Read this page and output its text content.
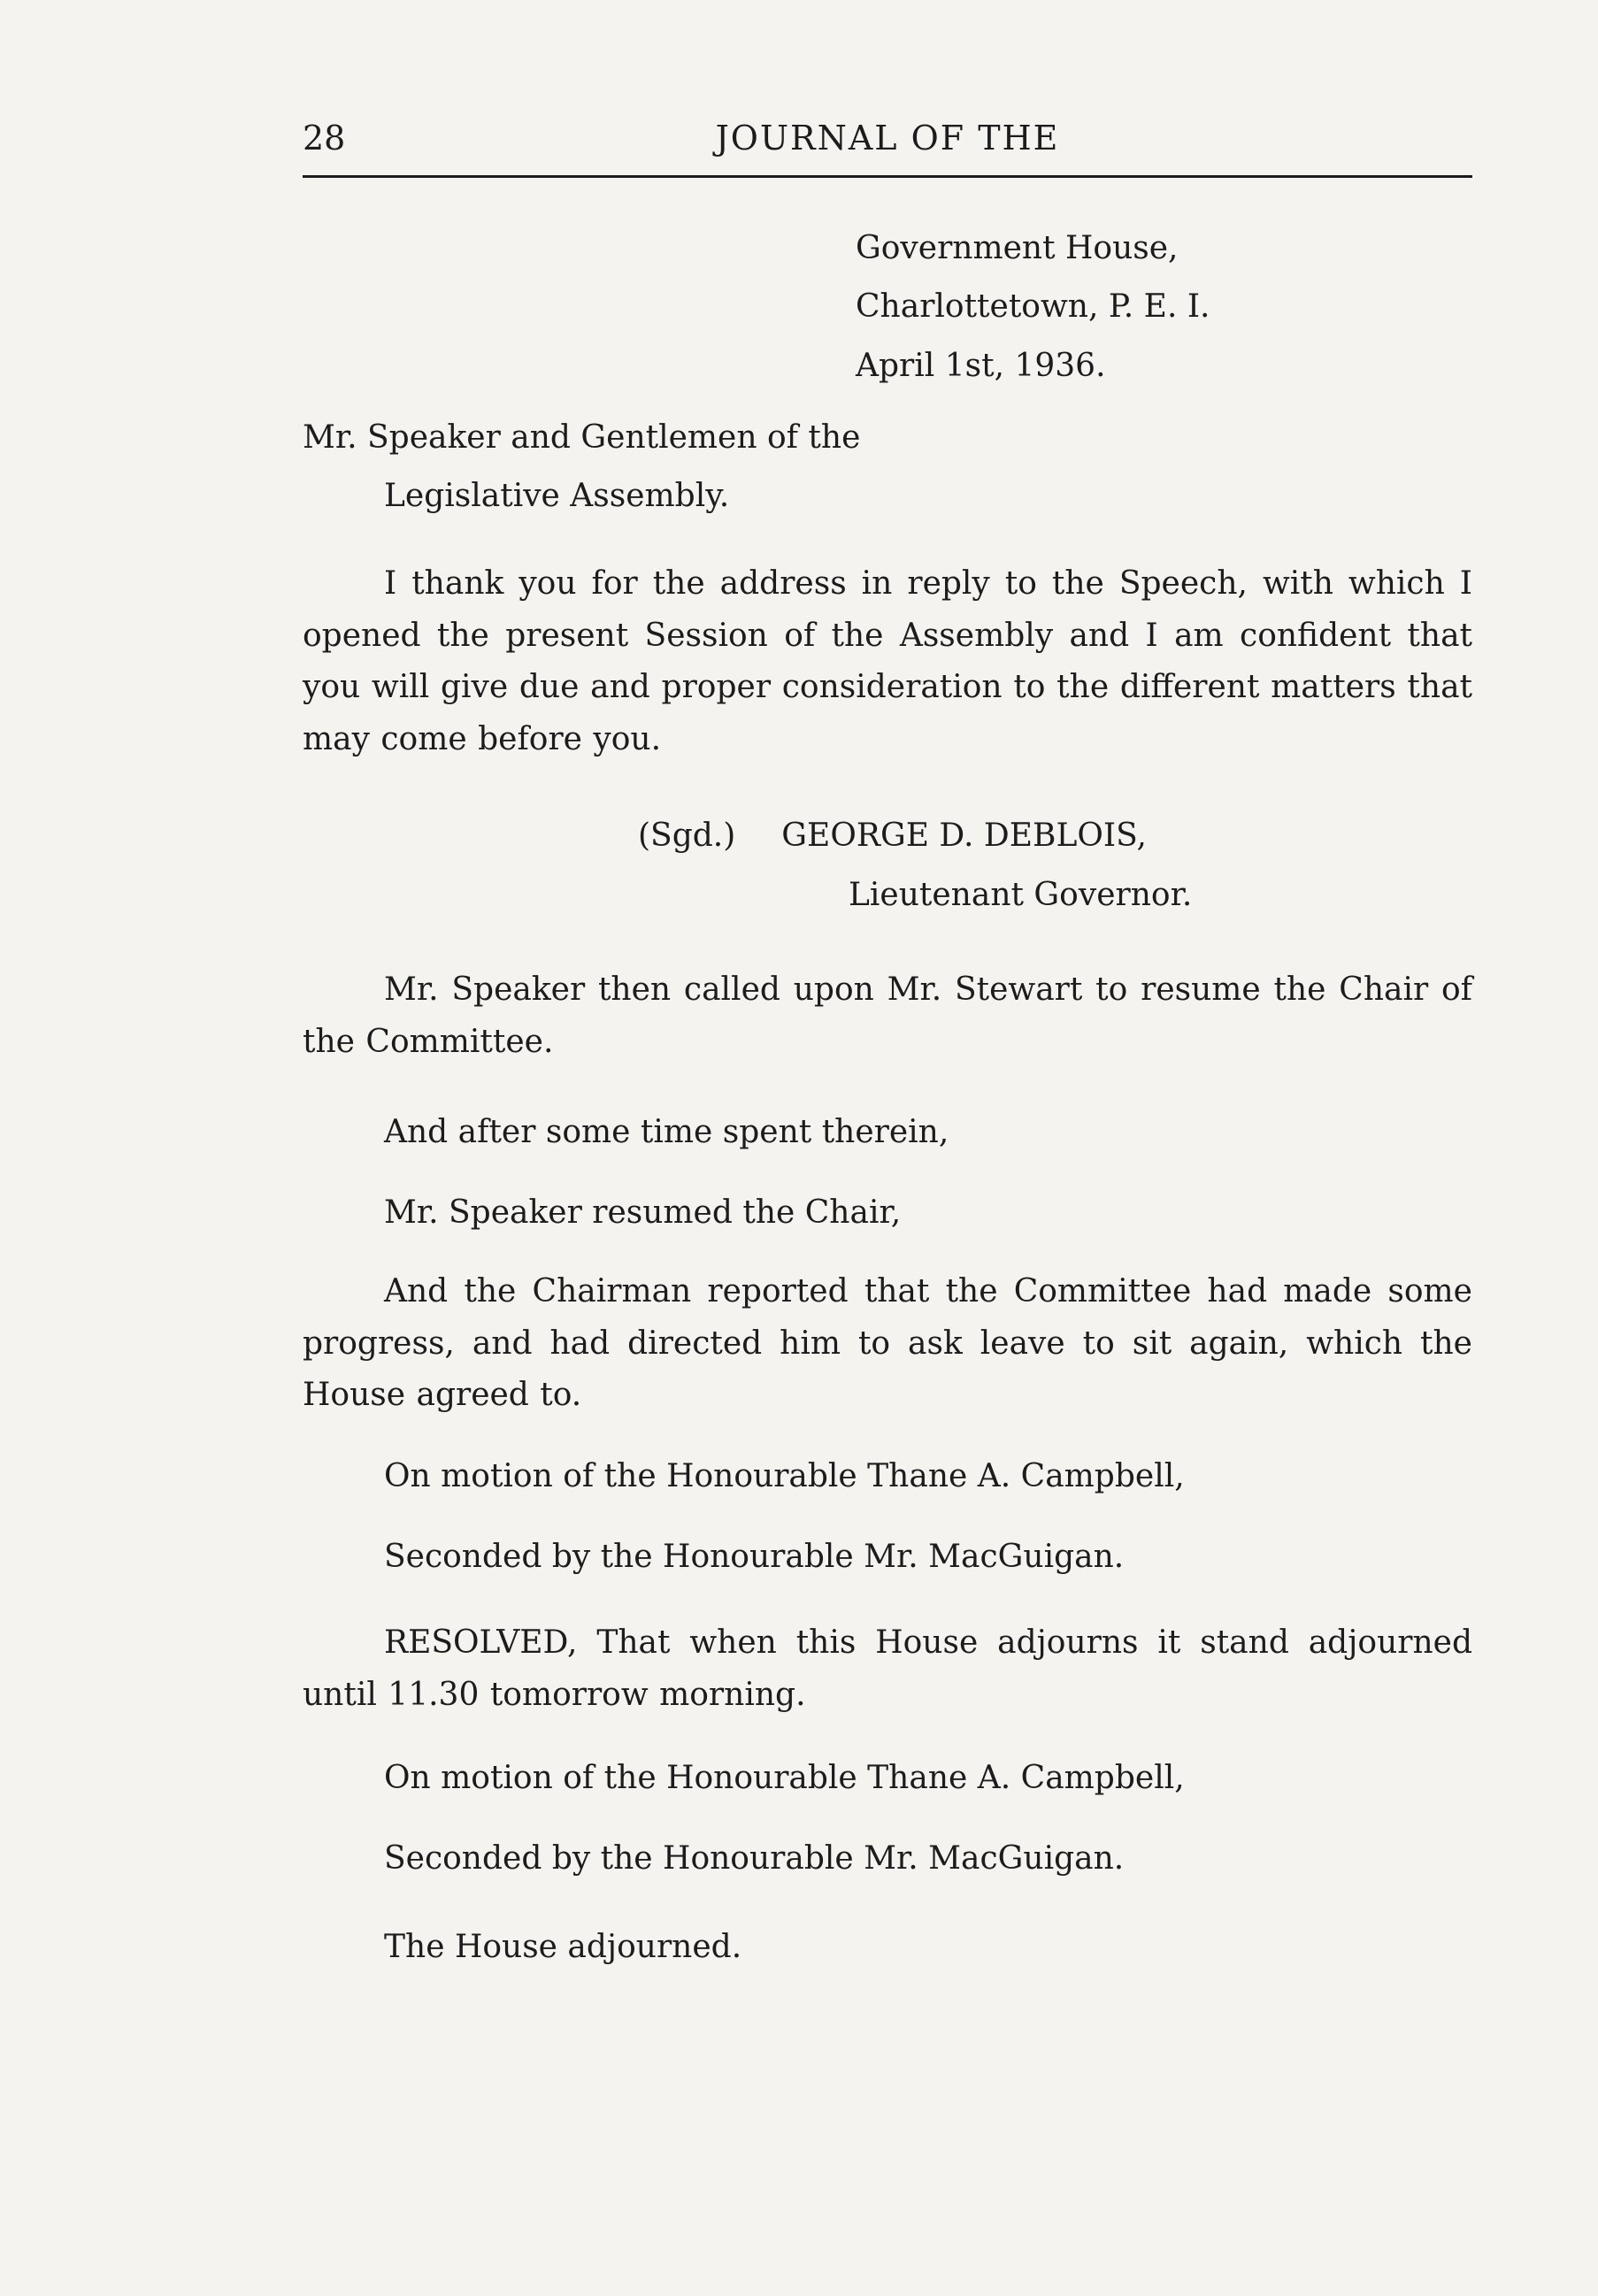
28	JOURNAL OF THE
Government House,
Charlottetown, P. E. I.
April 1st, 1936.
Mr. Speaker and Gentlemen of the
Legislative Assembly.
I thank you for the address in reply to the Speech, with which I opened the present Session of the Assembly and I am confident that you will give due and proper consideration to the different matters that may come before you.
(Sgd.) GEORGE D. DEBLOIS,
Lieutenant Governor.
Mr. Speaker then called upon Mr. Stewart to resume the Chair of the Committee.
And after some time spent therein,
Mr. Speaker resumed the Chair,
And the Chairman reported that the Committee had made some progress, and had directed him to ask leave to sit again, which the House agreed to.
On motion of the Honourable Thane A. Campbell,
Seconded by the Honourable Mr. MacGuigan.
RESOLVED, That when this House adjourns it stand adjourned until 11.30 tomorrow morning.
On motion of the Honourable Thane A. Campbell,
Seconded by the Honourable Mr. MacGuigan.
The House adjourned.
